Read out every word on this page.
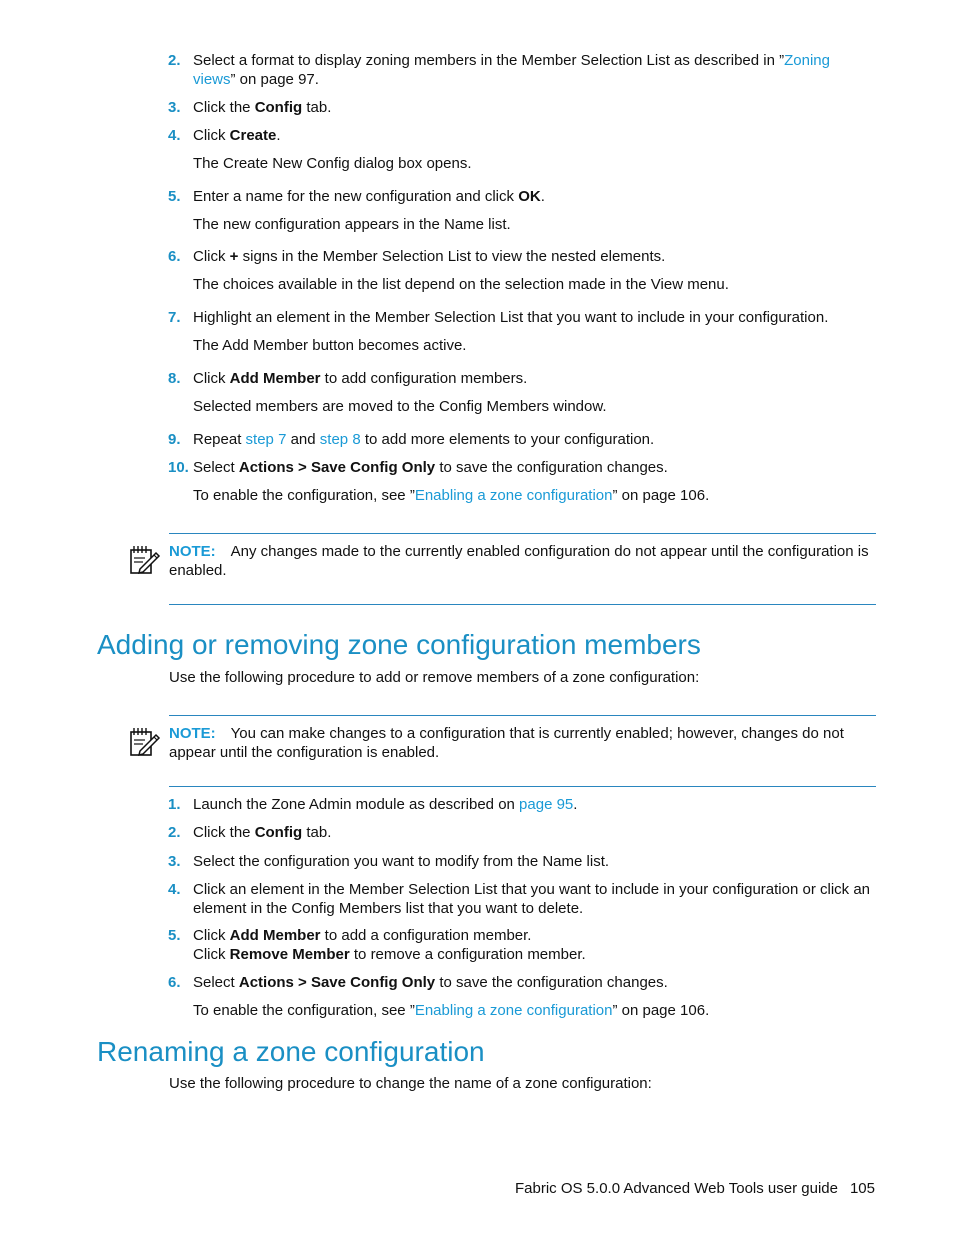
2. Select a format to display zoning members in the Member Selection List as described in ”Zoning
views” on page 97.
3. Click the Config tab.
4. Click Create.
The Create New Config dialog box opens.
5. Enter a name for the new configuration and click OK.
The new configuration appears in the Name list.
6. Click + signs in the Member Selection List to view the nested elements.
The choices available in the list depend on the selection made in the View menu.
7. Highlight an element in the Member Selection List that you want to include in your configuration.
The Add Member button becomes active.
8. Click Add Member to add configuration members.
Selected members are moved to the Config Members window.
9. Repeat step 7 and step 8 to add more elements to your configuration.
10. Select Actions > Save Config Only to save the configuration changes.
To enable the configuration, see ”Enabling a zone configuration” on page 106.
NOTE: Any changes made to the currently enabled configuration do not appear until the configuration is
enabled.
Adding or removing zone configuration members
Use the following procedure to add or remove members of a zone configuration:
NOTE: You can make changes to a configuration that is currently enabled; however, changes do not
appear until the configuration is enabled.
1. Launch the Zone Admin module as described on page 95.
2. Click the Config tab.
3. Select the configuration you want to modify from the Name list.
4. Click an element in the Member Selection List that you want to include in your configuration or click an
element in the Config Members list that you want to delete.
5. Click Add Member to add a configuration member.
Click Remove Member to remove a configuration member.
6. Select Actions > Save Config Only to save the configuration changes.
To enable the configuration, see ”Enabling a zone configuration” on page 106.
Renaming a zone configuration
Use the following procedure to change the name of a zone configuration:
Fabric OS 5.0.0 Advanced Web Tools user guide 105
